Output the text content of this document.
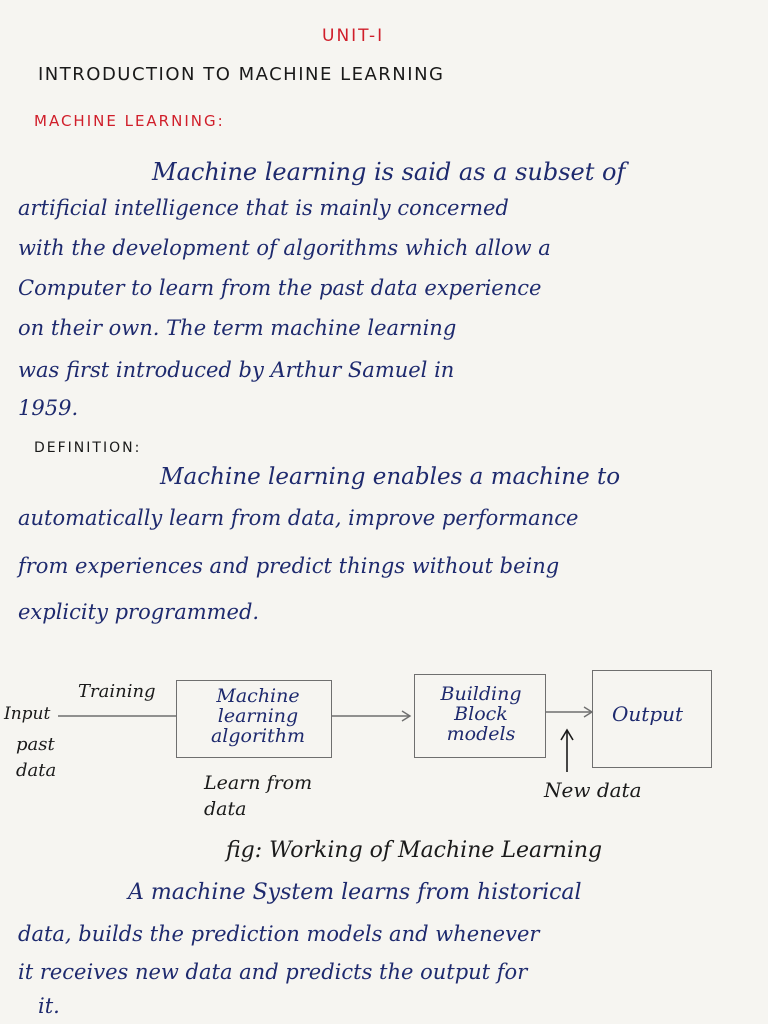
UNIT-I
INTRODUCTION TO MACHINE LEARNING
MACHINE LEARNING:
Machine learning is said as a subset of
artificial intelligence that is mainly concerned
with the development of algorithms which allow a
Computer to learn from the past data experience
on their own. The term machine learning
was first introduced by Arthur Samuel in
1959.
DEFINITION:
Machine learning enables a machine to
automatically learn from data, improve performance
from experiences and predict things without being
explicity programmed.
Input
past data
Training	Machine learning algorithm
Learn from data
Building Block models
New data
Output
fig: Working of Machine Learning
A machine System learns from historical
data, builds the prediction models and whenever
it receives new data and predicts the output for
it.
